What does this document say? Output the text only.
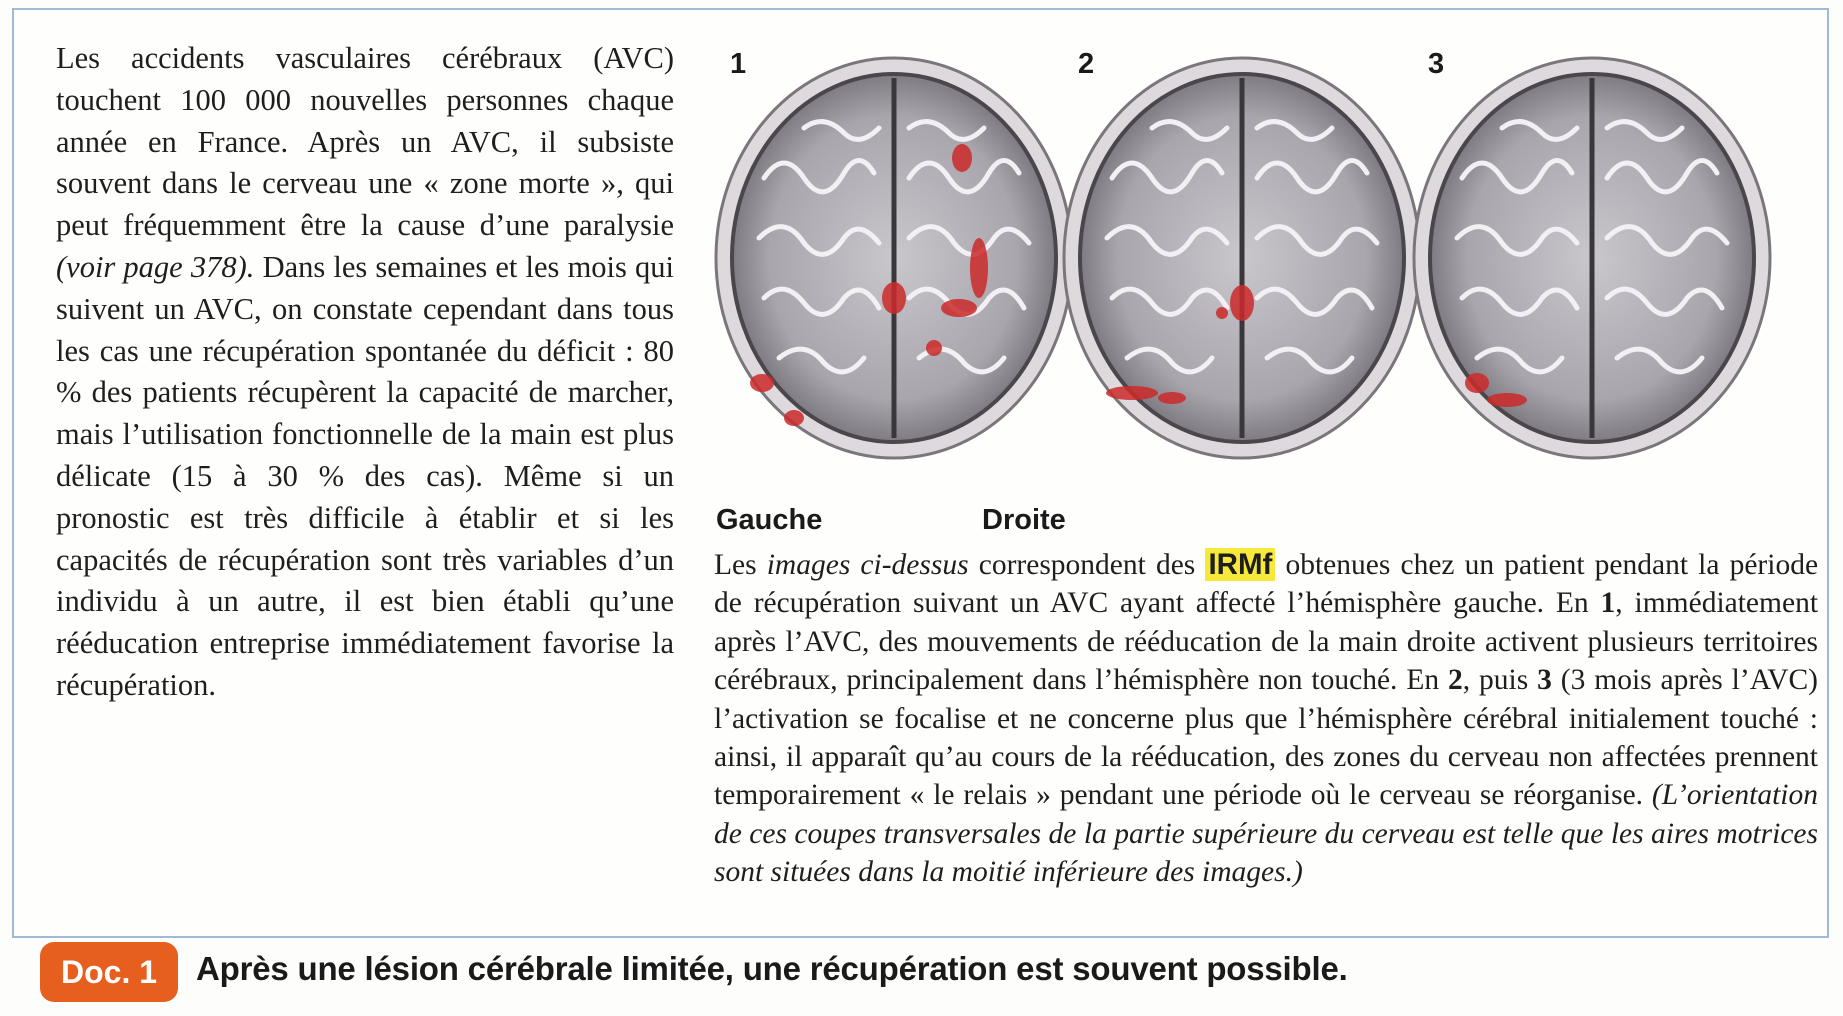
Les accidents vasculaires cérébraux (AVC) touchent 100 000 nouvelles personnes chaque année en France. Après un AVC, il subsiste souvent dans le cerveau une « zone morte », qui peut fréquemment être la cause d’une paralysie (voir page 378). Dans les semaines et les mois qui suivent un AVC, on constate cependant dans tous les cas une récupération spontanée du déficit : 80 % des patients récupèrent la capacité de marcher, mais l’utilisation fonctionnelle de la main est plus délicate (15 à 30 % des cas). Même si un pronostic est très difficile à établir et si les capacités de récupération sont très variables d’un individu à un autre, il est bien établi qu’une rééducation entreprise immédiatement favorise la récupération.

1	2	3
Gauche	Droite

Les images ci-dessus correspondent des IRMf obtenues chez un patient pendant la période de récupération suivant un AVC ayant affecté l’hémisphère gauche. En 1, immédiatement après l’AVC, des mouvements de rééducation de la main droite activent plusieurs territoires cérébraux, principalement dans l’hémisphère non touché. En 2, puis 3 (3 mois après l’AVC) l’activation se focalise et ne concerne plus que l’hémisphère cérébral initialement touché : ainsi, il apparaît qu’au cours de la rééducation, des zones du cerveau non affectées prennent temporairement « le relais » pendant une période où le cerveau se réorganise. (L’orientation de ces coupes transversales de la partie supérieure du cerveau est telle que les aires motrices sont situées dans la moitié inférieure des images.)

Doc. 1	Après une lésion cérébrale limitée, une récupération est souvent possible.
